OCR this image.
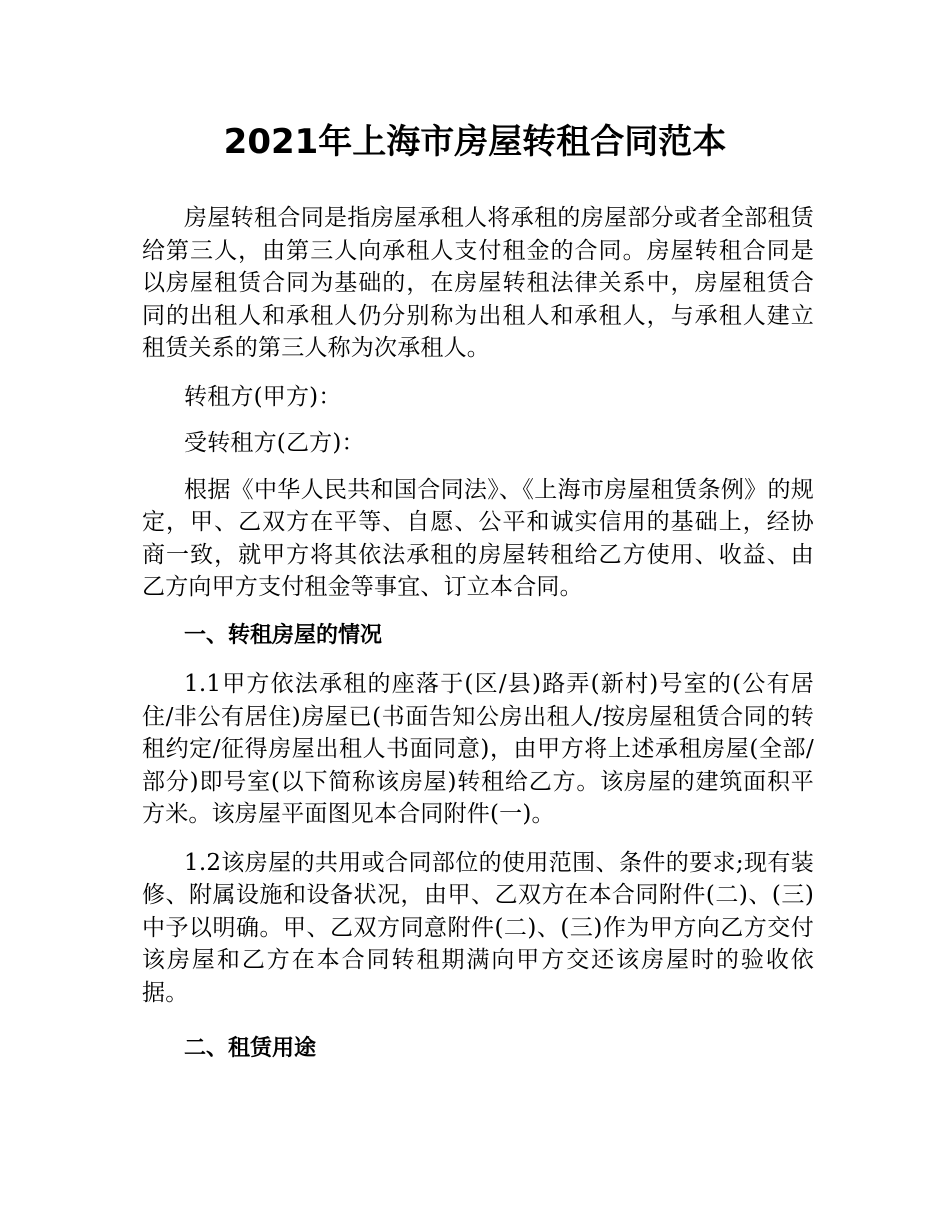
2021年上海市房屋转租合同范本

房屋转租合同是指房屋承租人将承租的房屋部分或者全部租赁给第三人，由第三人向承租人支付租金的合同。房屋转租合同是以房屋租赁合同为基础的，在房屋转租法律关系中，房屋租赁合同的出租人和承租人仍分别称为出租人和承租人，与承租人建立租赁关系的第三人称为次承租人。

转租方(甲方)：

受转租方(乙方)：

根据《中华人民共和国合同法》、《上海市房屋租赁条例》的规定，甲、乙双方在平等、自愿、公平和诚实信用的基础上，经协商一致，就甲方将其依法承租的房屋转租给乙方使用、收益、由乙方向甲方支付租金等事宜、订立本合同。

一、转租房屋的情况

1.1甲方依法承租的座落于(区/县)路弄(新村)号室的(公有居住/非公有居住)房屋已(书面告知公房出租人/按房屋租赁合同的转租约定/征得房屋出租人书面同意)，由甲方将上述承租房屋(全部/部分)即号室(以下简称该房屋)转租给乙方。该房屋的建筑面积平方米。该房屋平面图见本合同附件(一)。

1.2该房屋的共用或合同部位的使用范围、条件的要求;现有装修、附属设施和设备状况，由甲、乙双方在本合同附件(二)、(三)中予以明确。甲、乙双方同意附件(二)、(三)作为甲方向乙方交付该房屋和乙方在本合同转租期满向甲方交还该房屋时的验收依据。

二、租赁用途
